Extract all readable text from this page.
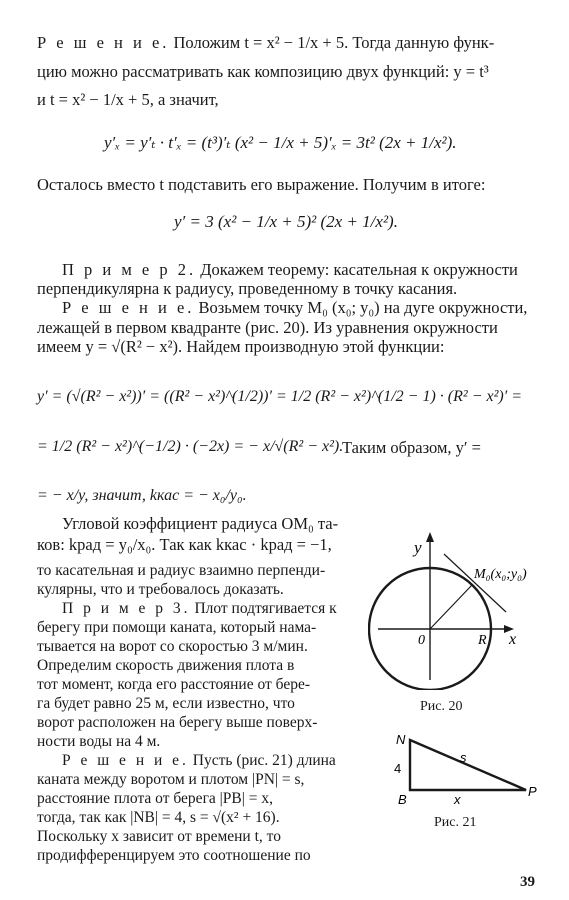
Р е ш е н и е. Положим t = x² − 1/x + 5. Тогда данную функ-
цию можно рассматривать как композицию двух функций: y = t³
и t = x² − 1/x + 5, а значит,
y′ₓ = y′ₜ · t′ₓ = (t³)′ₜ (x² − 1/x + 5)′ₓ = 3t² (2x + 1/x²).
Осталось вместо t подставить его выражение. Получим в итоге:
y′ = 3 (x² − 1/x + 5)² (2x + 1/x²).
П р и м е р 2. Докажем теорему: касательная к окружности
перпендикулярна к радиусу, проведенному в точку касания.
Р е ш е н и е. Возьмем точку M₀ (x₀; y₀) на дуге окружности,
лежащей в первом квадранте (рис. 20). Из уравнения окружности
имеем y = √(R² − x²). Найдем производную этой функции:
y′ = (√(R² − x²))′ = ((R² − x²)^(1/2))′ = 1/2 (R² − x²)^(1/2 − 1) · (R² − x²)′ =
= 1/2 (R² − x²)^(−1/2) · (−2x) = − x/√(R² − x²).
Таким образом, y′ =
= − x/y, значит, kкас = − x₀/y₀.
Угловой коэффициент радиуса OM₀ та-
ков: kрад = y₀/x₀. Так как kкас · kрад = −1,
то касательная и радиус взаимно перпенди-
кулярны, что и требовалось доказать.
П р и м е р 3. Плот подтягивается к
берегу при помощи каната, который нама-
тывается на ворот со скоростью 3 м/мин.
Определим скорость движения плота в
тот момент, когда его расстояние от бере-
га будет равно 25 м, если известно, что
ворот расположен на берегу выше поверх-
ности воды на 4 м.
Р е ш е н и е. Пусть (рис. 21) длина
каната между воротом и плотом |PN| = s,
расстояние плота от берега |PB| = x,
тогда, так как |NB| = 4, s = √(x² + 16).
Поскольку x зависит от времени t, то
продифференцируем это соотношение по
y
x
0	R
M₀(x₀;y₀)
Рис. 20
N
B
P
s
x
4
Рис. 21
39
